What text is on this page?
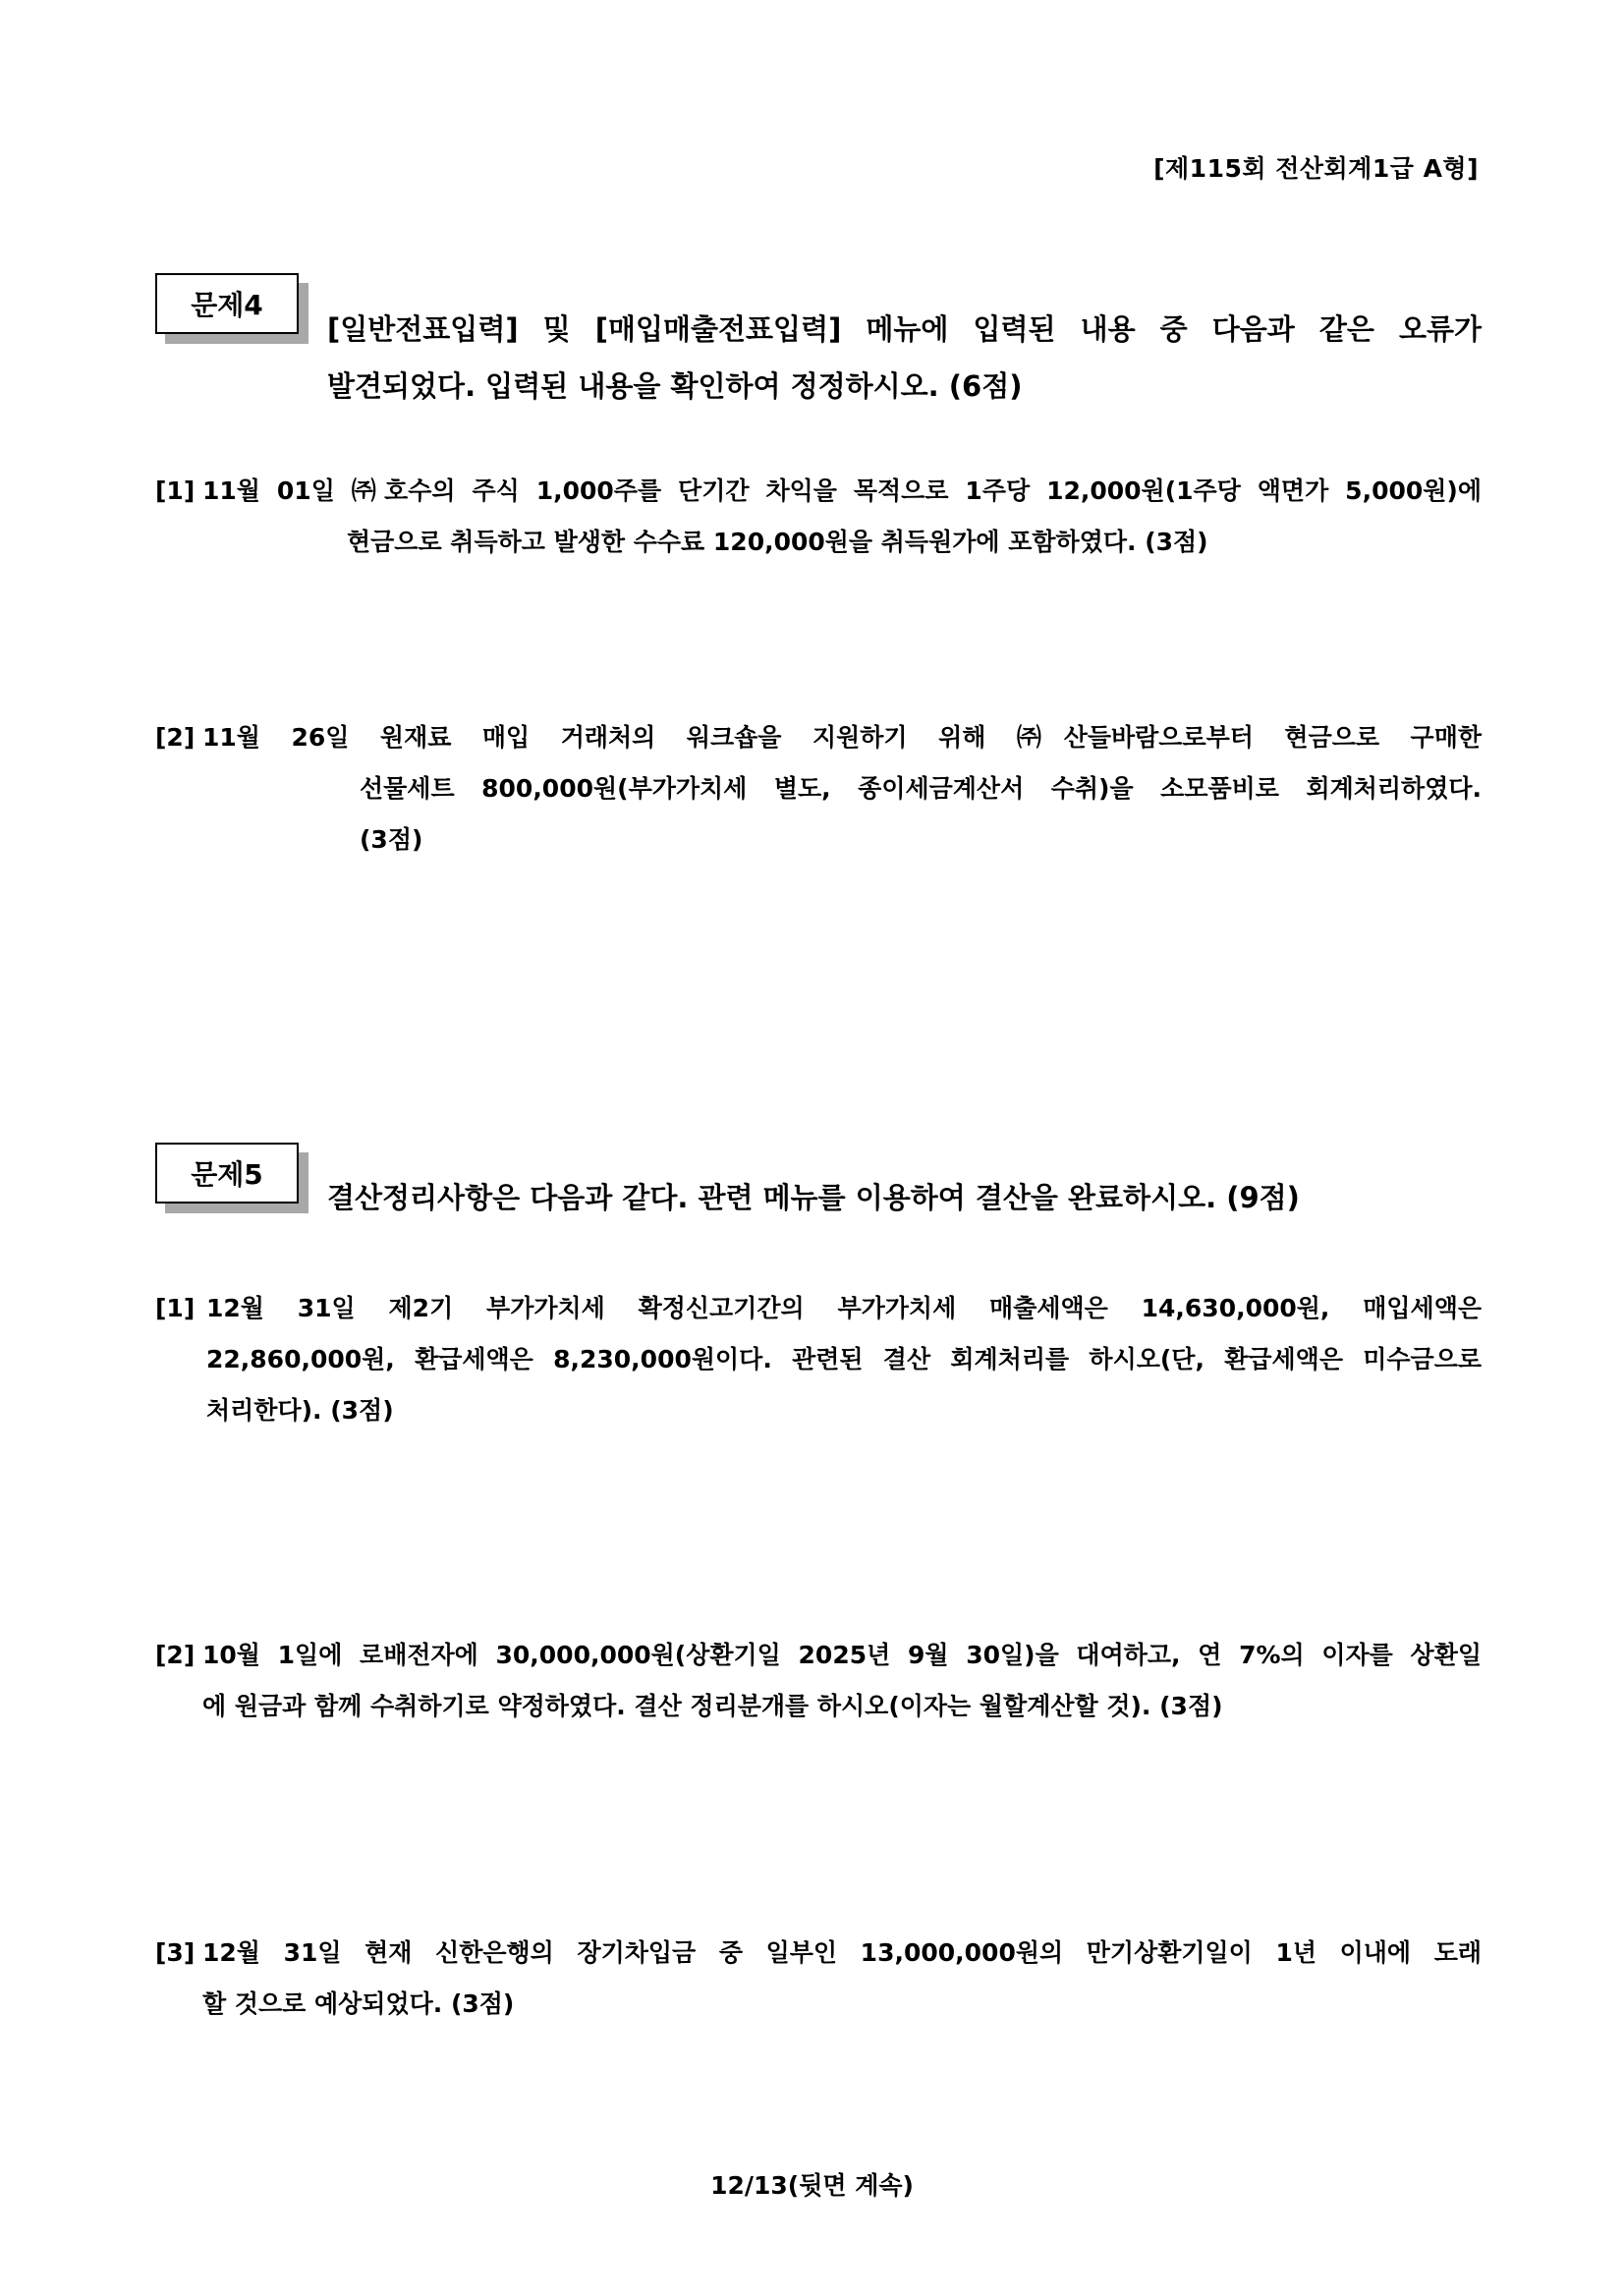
[제115회 전산회계1급 A형]
문제4
[일반전표입력] 및 [매입매출전표입력] 메뉴에 입력된 내용 중 다음과 같은 오류가
발견되었다. 입력된 내용을 확인하여 정정하시오. (6점)
[1] 11월 01일 ㈜호수의 주식 1,000주를 단기간 차익을 목적으로 1주당 12,000원(1주당 액면가 5,000원)에
현금으로 취득하고 발생한 수수료 120,000원을 취득원가에 포함하였다. (3점)
[2] 11월 26일 원재료 매입 거래처의 워크숍을 지원하기 위해 ㈜산들바람으로부터 현금으로 구매한
선물세트 800,000원(부가가치세 별도, 종이세금계산서 수취)을 소모품비로 회계처리하였다.
(3점)
문제5
결산정리사항은 다음과 같다. 관련 메뉴를 이용하여 결산을 완료하시오. (9점)
[1] 12월 31일 제2기 부가가치세 확정신고기간의 부가가치세 매출세액은 14,630,000원, 매입세액은
22,860,000원, 환급세액은 8,230,000원이다. 관련된 결산 회계처리를 하시오(단, 환급세액은 미수금으로
처리한다). (3점)
[2] 10월 1일에 로배전자에 30,000,000원(상환기일 2025년 9월 30일)을 대여하고, 연 7%의 이자를 상환일
에 원금과 함께 수취하기로 약정하였다. 결산 정리분개를 하시오(이자는 월할계산할 것). (3점)
[3] 12월 31일 현재 신한은행의 장기차입금 중 일부인 13,000,000원의 만기상환기일이 1년 이내에 도래
할 것으로 예상되었다. (3점)
12/13(뒷면 계속)
